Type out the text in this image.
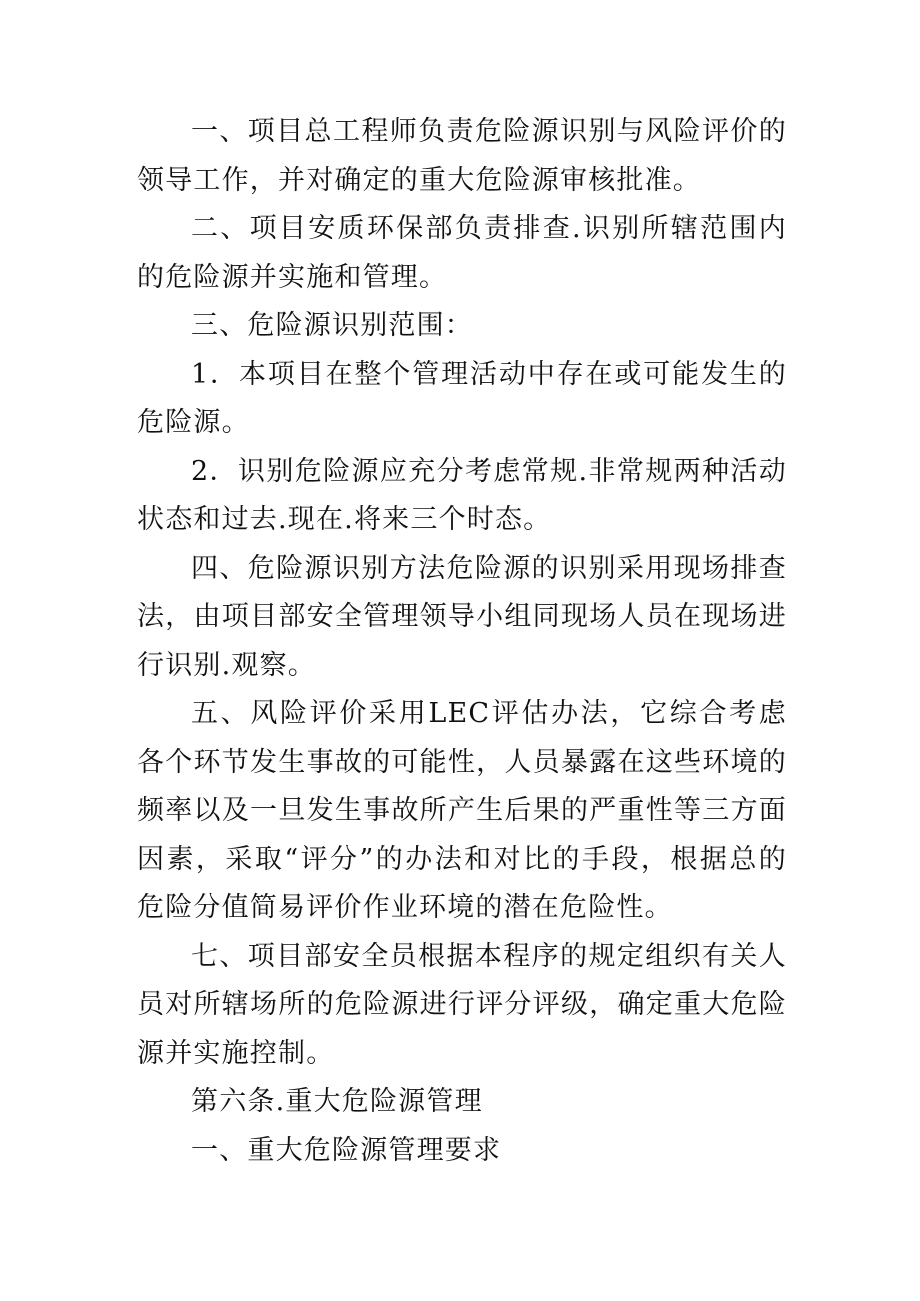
一、项目总工程师负责危险源识别与风险评价的领导工作，并对确定的重大危险源审核批准。

二、项目安质环保部负责排查.识别所辖范围内的危险源并实施和管理。

三、危险源识别范围：

1．本项目在整个管理活动中存在或可能发生的危险源。

2．识别危险源应充分考虑常规.非常规两种活动状态和过去.现在.将来三个时态。

四、危险源识别方法危险源的识别采用现场排查法，由项目部安全管理领导小组同现场人员在现场进行识别.观察。

五、风险评价采用LEC评估办法，它综合考虑各个环节发生事故的可能性，人员暴露在这些环境的频率以及一旦发生事故所产生后果的严重性等三方面因素，采取“评分”的办法和对比的手段，根据总的危险分值简易评价作业环境的潜在危险性。

七、项目部安全员根据本程序的规定组织有关人员对所辖场所的危险源进行评分评级，确定重大危险源并实施控制。

第六条.重大危险源管理

一、重大危险源管理要求
